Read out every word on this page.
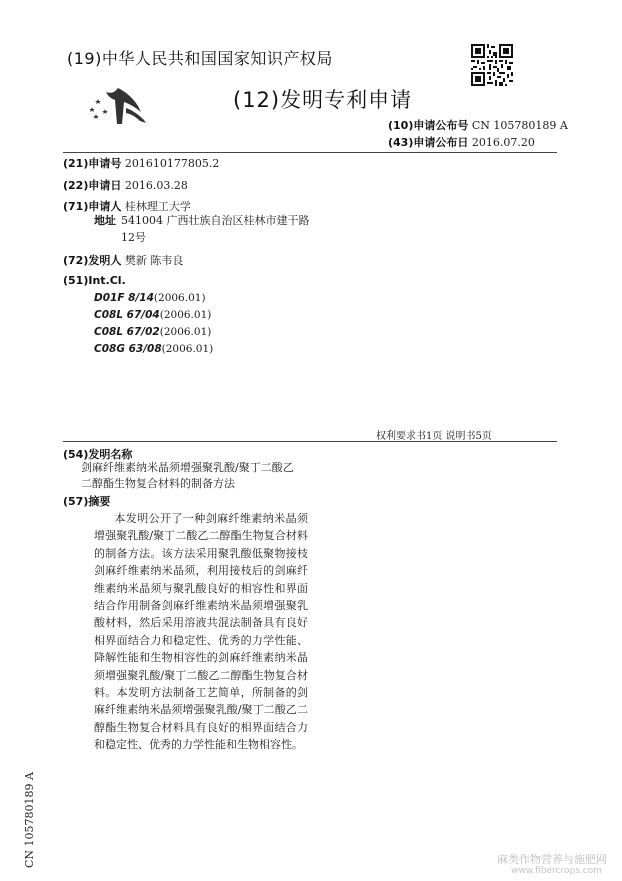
(19)中华人民共和国国家知识产权局
(12)发明专利申请
(10)申请公布号 CN 105780189 A
(43)申请公布日 2016.07.20
(21)申请号 201610177805.2
(22)申请日 2016.03.28
(71)申请人 桂林理工大学
地址 541004 广西壮族自治区桂林市建干路12号
(72)发明人 樊新 陈韦良
(51)Int.Cl.
D01F 8/14(2006.01)
C08L 67/04(2006.01)
C08L 67/02(2006.01)
C08G 63/08(2006.01)
权利要求书1页 说明书5页
(54)发明名称
剑麻纤维素纳米晶须增强聚乳酸/聚丁二酸乙二醇酯生物复合材料的制备方法
(57)摘要
本发明公开了一种剑麻纤维素纳米晶须增强聚乳酸/聚丁二酸乙二醇酯生物复合材料的制备方法。该方法采用聚乳酸低聚物接枝剑麻纤维素纳米晶须，利用接枝后的剑麻纤维素纳米晶须与聚乳酸良好的相容性和界面结合作用制备剑麻纤维素纳米晶须增强聚乳酸材料，然后采用溶液共混法制备具有良好相界面结合力和稳定性、优秀的力学性能、降解性能和生物相容性的剑麻纤维素纳米晶须增强聚乳酸/聚丁二酸乙二醇酯生物复合材料。本发明方法制备工艺简单，所制备的剑麻纤维素纳米晶须增强聚乳酸/聚丁二酸乙二醇酯生物复合材料具有良好的相界面结合力和稳定性、优秀的力学性能和生物相容性。
CN 105780189 A	麻类作物营养与施肥网
www.fibercrops.com
